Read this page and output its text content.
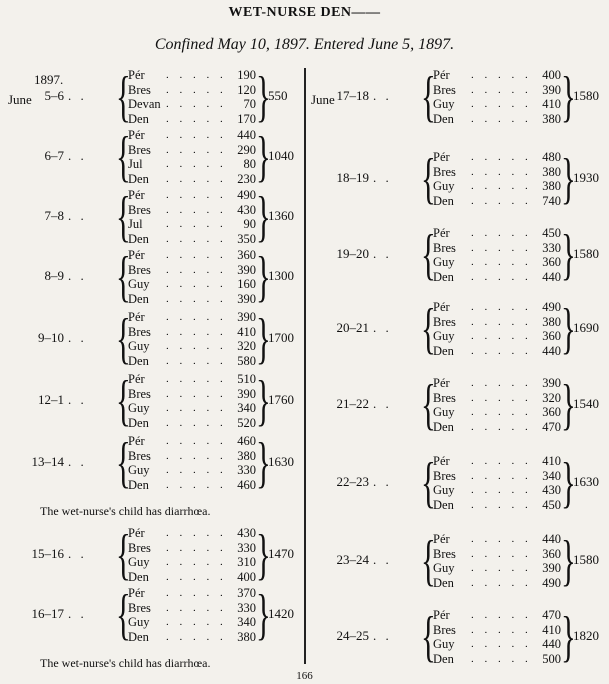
WET-NURSE DEN——
Confined May 10, 1897. Entered June 5, 1897.
1897.
June	June
5–6 . . {
Pér . . . . . 190
Bres . . . . . 120
Devan . . . . . 70
Den . . . . . 170 }
550
6–7 . . {
Pér . . . . . 440
Bres . . . . . 290
Jul . . . . . 80
Den . . . . . 230 }
1040
7–8 . . {
Pér . . . . . 490
Bres . . . . . 430
Jul . . . . . 90
Den . . . . . 350 }
1360
8–9 . . {
Pér . . . . . 360
Bres . . . . . 390
Guy . . . . . 160
Den . . . . . 390 }
1300
9–10 . . {
Pér . . . . . 390
Bres . . . . . 410
Guy . . . . . 320
Den . . . . . 580 }
1700
12–1 . . {
Pér . . . . . 510
Bres . . . . . 390
Guy . . . . . 340
Den . . . . . 520 }
1760
13–14 . . {
Pér . . . . . 460
Bres . . . . . 380
Guy . . . . . 330
Den . . . . . 460 }
1630
15–16 . . {
Pér . . . . . 430
Bres . . . . . 330
Guy . . . . . 310
Den . . . . . 400 }
1470
16–17 . . {
Pér . . . . . 370
Bres . . . . . 330
Guy . . . . . 340
Den . . . . . 380 }
1420
17–18 . . {
Pér . . . . . 400
Bres . . . . . 390
Guy . . . . . 410
Den . . . . . 380 }
1580
18–19 . . {
Pér . . . . . 480
Bres . . . . . 380
Guy . . . . . 380
Den . . . . . 740 }
1930
19–20 . . {
Pér . . . . . 450
Bres . . . . . 330
Guy . . . . . 360
Den . . . . . 440 }
1580
20–21 . . {
Pér . . . . . 490
Bres . . . . . 380
Guy . . . . . 360
Den . . . . . 440 }
1690
21–22 . . {
Pér . . . . . 390
Bres . . . . . 320
Guy . . . . . 360
Den . . . . . 470 }
1540
22–23 . . {
Pér . . . . . 410
Bres . . . . . 340
Guy . . . . . 430
Den . . . . . 450 }
1630
23–24 . . {
Pér . . . . . 440
Bres . . . . . 360
Guy . . . . . 390
Den . . . . . 490 }
1580
24–25 . . {
Pér . . . . . 470
Bres . . . . . 410
Guy . . . . . 440
Den . . . . . 500 }
1820
The wet-nurse's child has diarrhœa.
The wet-nurse's child has diarrhœa.
166
